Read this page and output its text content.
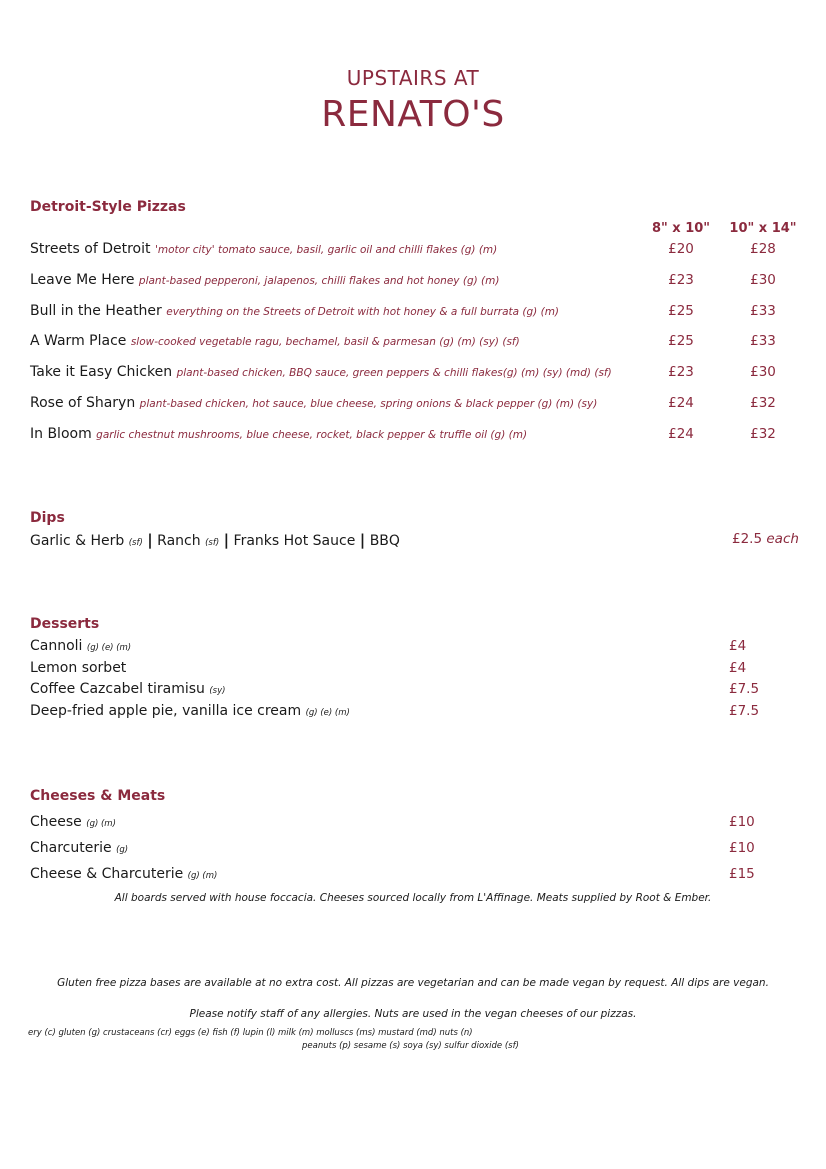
UPSTAIRS AT
RENATO'S
Detroit-Style Pizzas
8" x 10"	10" x 14"
Streets of Detroit 'motor city' tomato sauce, basil, garlic oil and chilli flakes (g) (m)	£20	£28
Leave Me Here plant-based pepperoni, jalapenos, chilli flakes and hot honey (g) (m)	£23	£30
Bull in the Heather everything on the Streets of Detroit with hot honey & a full burrata (g) (m)	£25	£33
A Warm Place slow-cooked vegetable ragu, bechamel, basil & parmesan (g) (m) (sy) (sf)	£25	£33
Take it Easy Chicken plant-based chicken, BBQ sauce, green peppers & chilli flakes(g) (m) (sy) (md) (sf)	£23	£30
Rose of Sharyn plant-based chicken, hot sauce, blue cheese, spring onions & black pepper (g) (m) (sy)	£24	£32
In Bloom garlic chestnut mushrooms, blue cheese, rocket, black pepper & truffle oil (g) (m)	£24	£32
Dips
Garlic & Herb (sf) | Ranch (sf) | Franks Hot Sauce | BBQ	£2.5 each
Desserts
Cannoli (g) (e) (m)	£4
Lemon sorbet	£4
Coffee Cazcabel tiramisu (sy)	£7.5
Deep-fried apple pie, vanilla ice cream (g) (e) (m)	£7.5
Cheeses & Meats
Cheese (g) (m)	£10
Charcuterie (g)	£10
Cheese & Charcuterie (g) (m)	£15
All boards served with house foccacia. Cheeses sourced locally from L'Affinage. Meats supplied by Root & Ember.
Gluten free pizza bases are available at no extra cost. All pizzas are vegetarian and can be made vegan by request. All dips are vegan.
Please notify staff of any allergies. Nuts are used in the vegan cheeses of our pizzas.
ery (c) gluten (g) crustaceans (cr) eggs (e) fish (f) lupin (l) milk (m) molluscs (ms) mustard (md) nuts (n)
peanuts (p) sesame (s) soya (sy) sulfur dioxide (sf)
